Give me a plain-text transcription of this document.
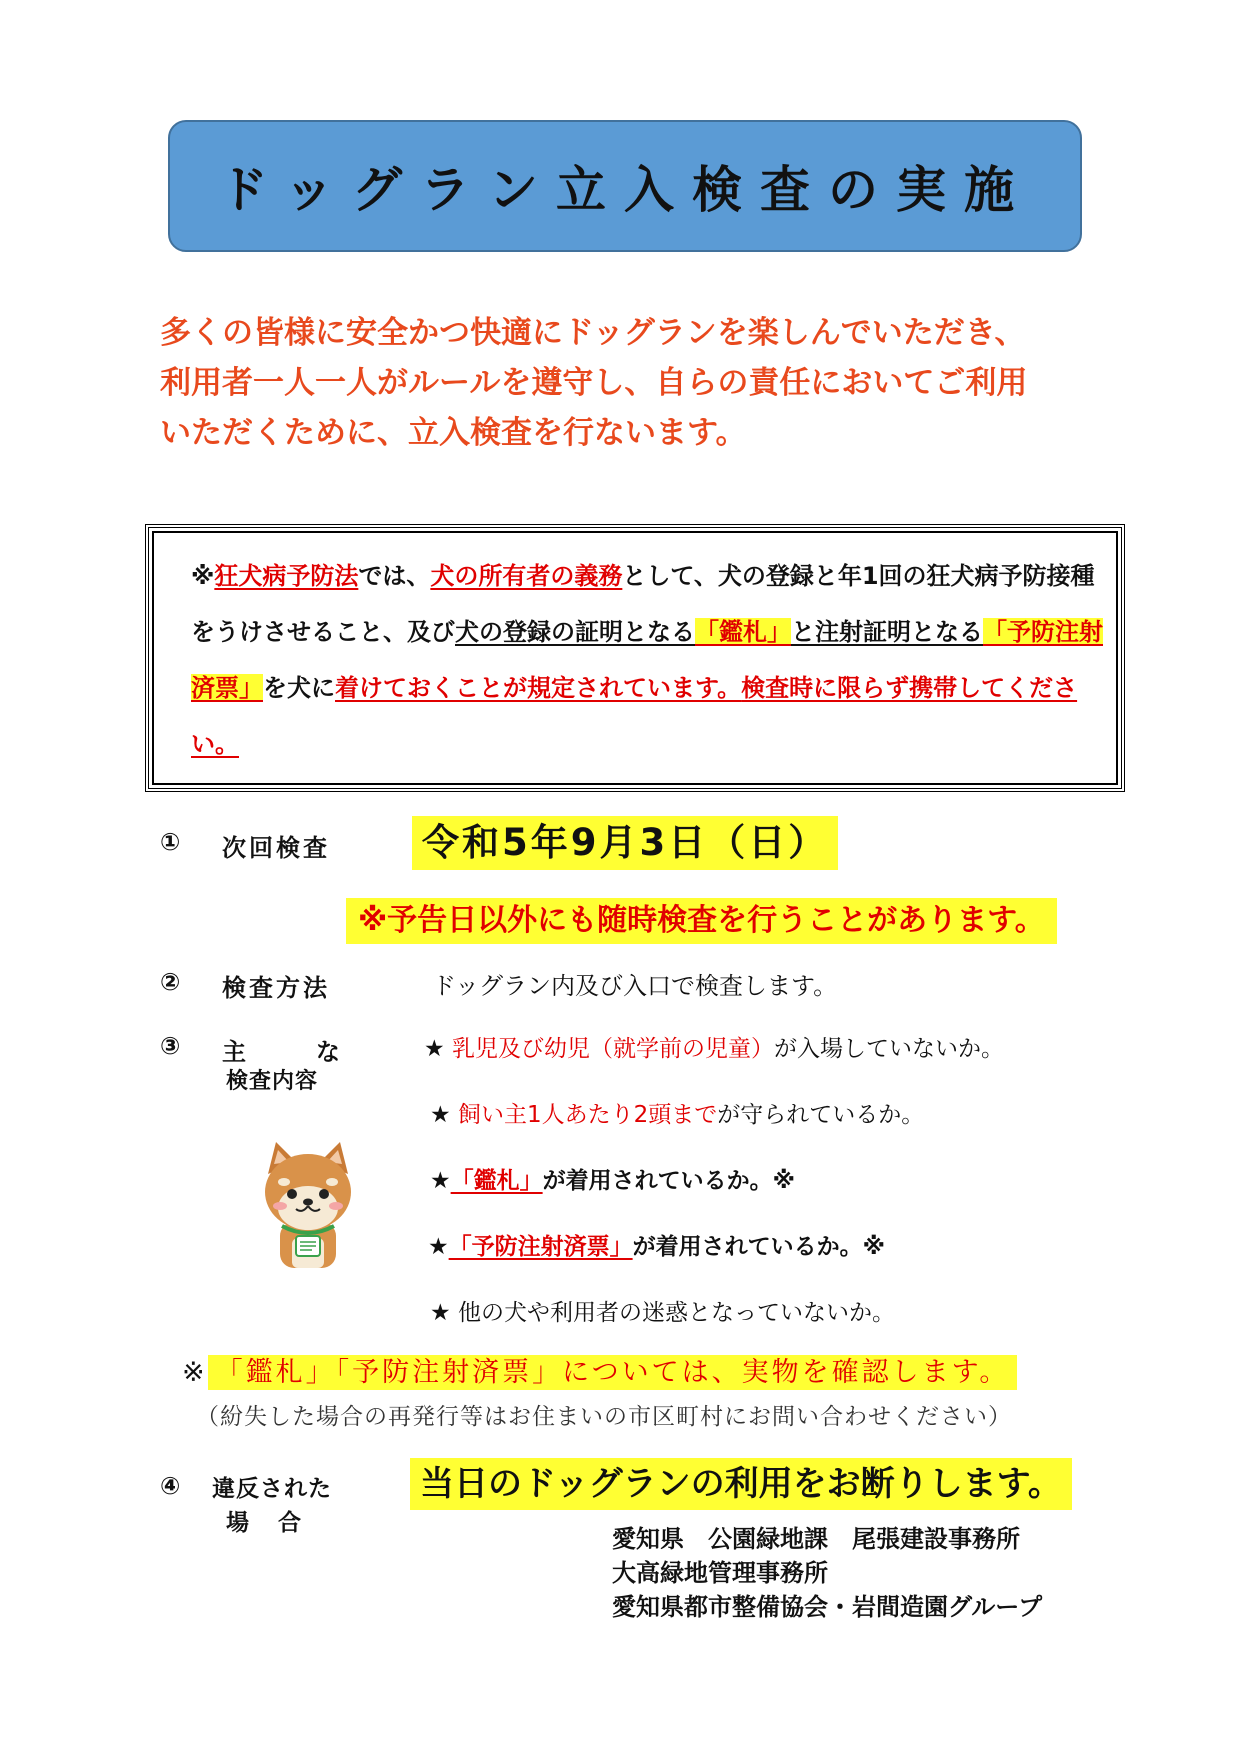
ドッグラン立入検査の実施
多くの皆様に安全かつ快適にドッグランを楽しんでいただき、
利用者一人一人がルールを遵守し、自らの責任においてご利用
いただくために、立入検査を行ないます。
※狂犬病予防法では、犬の所有者の義務として、犬の登録と年1回の狂犬病予防接種をうけさせること、及び犬の登録の証明となる「鑑札」と注射証明となる「予防注射済票」を犬に着けておくことが規定されています。検査時に限らず携帯してください。
① 次回検査 令和5年9月3日（日）
※予告日以外にも随時検査を行うことがあります。
② 検査方法	ドッグラン内及び入口で検査します。
③ 主	な
検査内容
★ 乳児及び幼児（就学前の児童）が入場していないか。
★ 飼い主1人あたり2頭までが守られているか。
★「鑑札」が着用されているか。※
★「予防注射済票」が着用されているか。※
★ 他の犬や利用者の迷惑となっていないか。
※ 「鑑札」「予防注射済票」については、実物を確認します。
（紛失した場合の再発行等はお住まいの市区町村にお問い合わせください）
④ 違反された
場　合
当日のドッグランの利用をお断りします。
愛知県　公園緑地課　尾張建設事務所
大高緑地管理事務所
愛知県都市整備協会・岩間造園グループ
